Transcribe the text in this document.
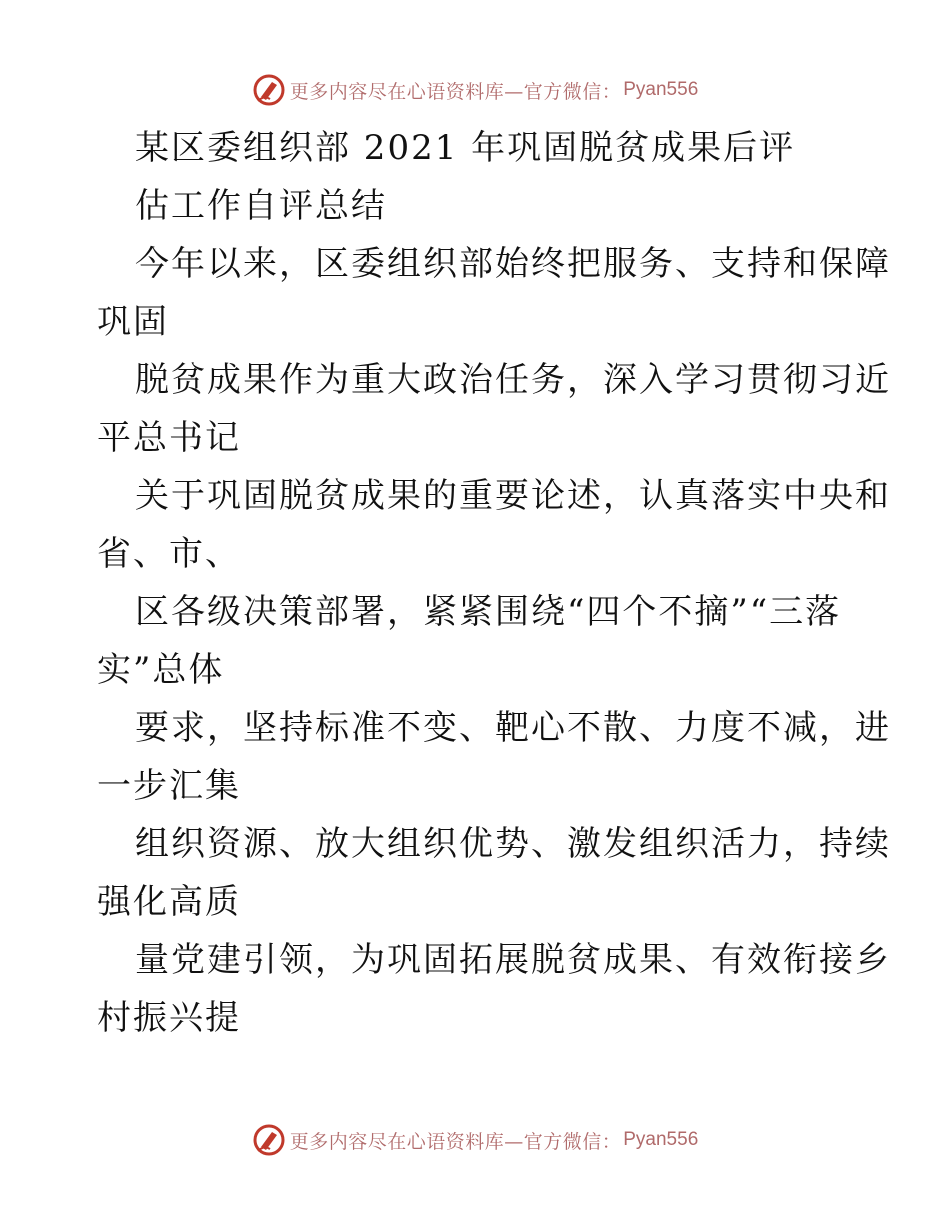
更多内容尽在心语资料库—官方微信： Pyan556
某区委组织部 2021 年巩固脱贫成果后评
估工作自评总结
今年以来，区委组织部始终把服务、支持和保障
巩固
脱贫成果作为重大政治任务，深入学习贯彻习近
平总书记
关于巩固脱贫成果的重要论述，认真落实中央和
省、市、
区各级决策部署，紧紧围绕“四个不摘”“三落
实”总体
要求，坚持标准不变、靶心不散、力度不减，进
一步汇集
组织资源、放大组织优势、激发组织活力，持续
强化高质
量党建引领，为巩固拓展脱贫成果、有效衔接乡
村振兴提
更多内容尽在心语资料库—官方微信： Pyan556
